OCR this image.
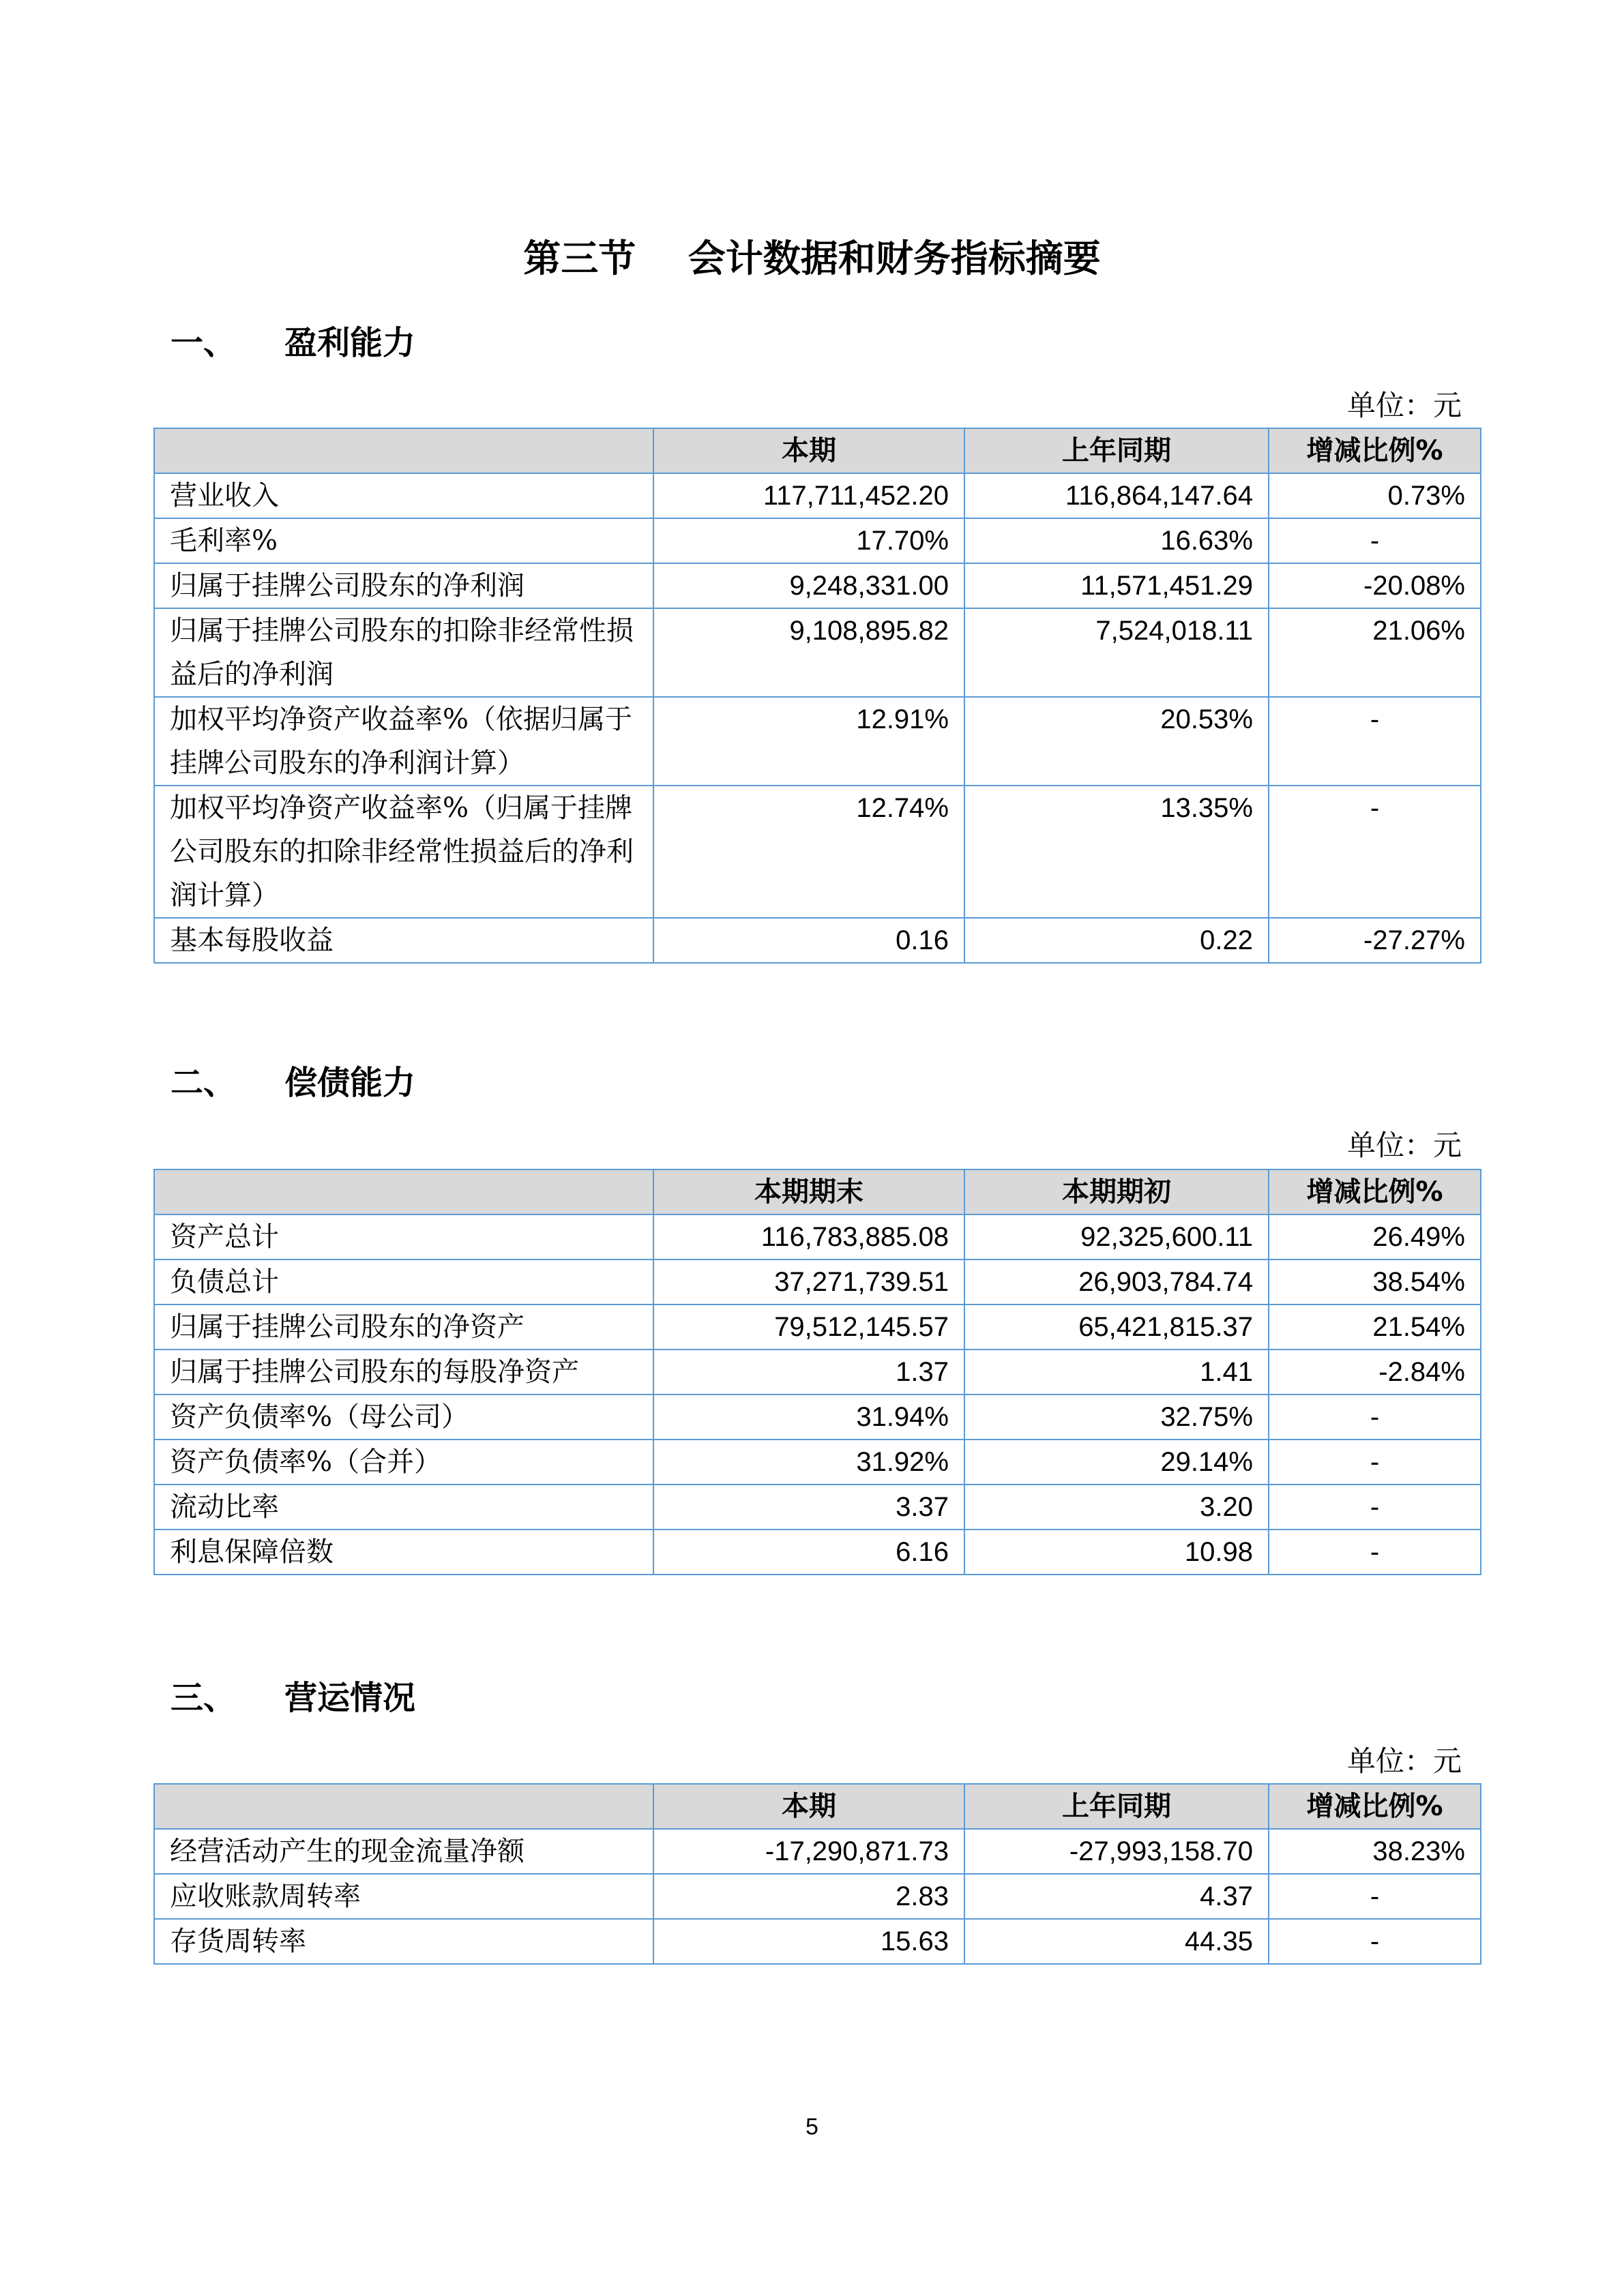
第三节    会计数据和财务指标摘要
一、 盈利能力
单位：元
	本期	上年同期	增减比例%
营业收入	117,711,452.20	116,864,147.64	0.73%
毛利率%	17.70%	16.63%	-
归属于挂牌公司股东的净利润	9,248,331.00	11,571,451.29	-20.08%
归属于挂牌公司股东的扣除非经常性损益后的净利润	9,108,895.82	7,524,018.11	21.06%
加权平均净资产收益率%（依据归属于挂牌公司股东的净利润计算）	12.91%	20.53%	-
加权平均净资产收益率%（归属于挂牌公司股东的扣除非经常性损益后的净利润计算）	12.74%	13.35%	-
基本每股收益	0.16	0.22	-27.27%
二、 偿债能力
单位：元
	本期期末	本期期初	增减比例%
资产总计	116,783,885.08	92,325,600.11	26.49%
负债总计	37,271,739.51	26,903,784.74	38.54%
归属于挂牌公司股东的净资产	79,512,145.57	65,421,815.37	21.54%
归属于挂牌公司股东的每股净资产	1.37	1.41	-2.84%
资产负债率%（母公司）	31.94%	32.75%	-
资产负债率%（合并）	31.92%	29.14%	-
流动比率	3.37	3.20	-
利息保障倍数	6.16	10.98	-
三、 营运情况
单位：元
	本期	上年同期	增减比例%
经营活动产生的现金流量净额	-17,290,871.73	-27,993,158.70	38.23%
应收账款周转率	2.83	4.37	-
存货周转率	15.63	44.35	-
5
